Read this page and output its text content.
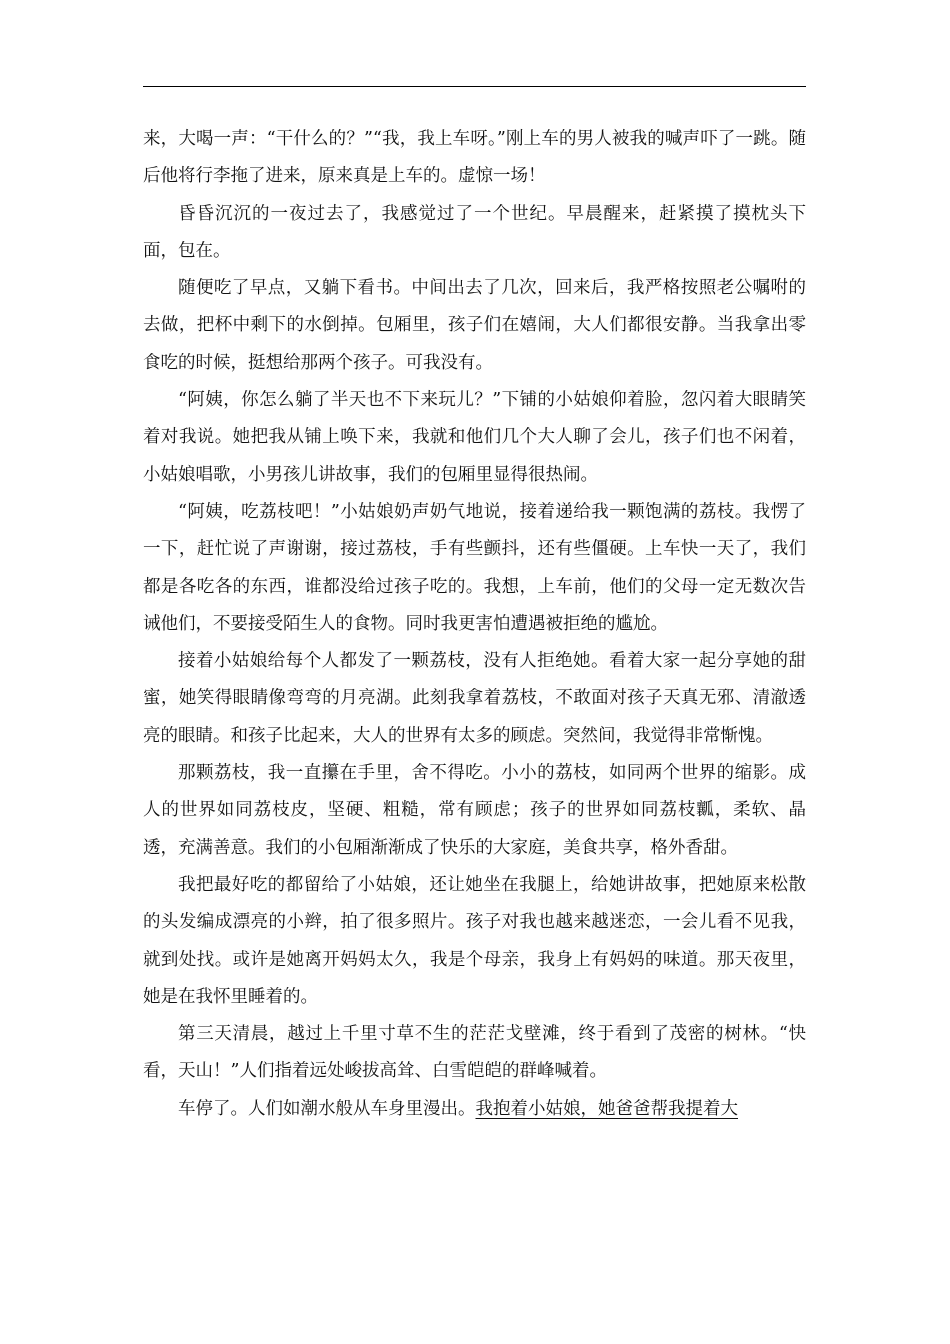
来，大喝一声：“干什么的？”“我，我上车呀。”刚上车的男人被我的喊声吓了一跳。随后他将行李拖了进来，原来真是上车的。虚惊一场！

昏昏沉沉的一夜过去了，我感觉过了一个世纪。早晨醒来，赶紧摸了摸枕头下面，包在。

随便吃了早点，又躺下看书。中间出去了几次，回来后，我严格按照老公嘱咐的去做，把杯中剩下的水倒掉。包厢里，孩子们在嬉闹，大人们都很安静。当我拿出零食吃的时候，挺想给那两个孩子。可我没有。

“阿姨，你怎么躺了半天也不下来玩儿？”下铺的小姑娘仰着脸，忽闪着大眼睛笑着对我说。她把我从铺上唤下来，我就和他们几个大人聊了会儿，孩子们也不闲着，小姑娘唱歌，小男孩儿讲故事，我们的包厢里显得很热闹。

“阿姨，吃荔枝吧！”小姑娘奶声奶气地说，接着递给我一颗饱满的荔枝。我愣了一下，赶忙说了声谢谢，接过荔枝，手有些颤抖，还有些僵硬。上车快一天了，我们都是各吃各的东西，谁都没给过孩子吃的。我想，上车前，他们的父母一定无数次告诫他们，不要接受陌生人的食物。同时我更害怕遭遇被拒绝的尴尬。

接着小姑娘给每个人都发了一颗荔枝，没有人拒绝她。看着大家一起分享她的甜蜜，她笑得眼睛像弯弯的月亮湖。此刻我拿着荔枝，不敢面对孩子天真无邪、清澈透亮的眼睛。和孩子比起来，大人的世界有太多的顾虑。突然间，我觉得非常惭愧。

那颗荔枝，我一直攥在手里，舍不得吃。小小的荔枝，如同两个世界的缩影。成人的世界如同荔枝皮，坚硬、粗糙，常有顾虑；孩子的世界如同荔枝瓤，柔软、晶透，充满善意。我们的小包厢渐渐成了快乐的大家庭，美食共享，格外香甜。

我把最好吃的都留给了小姑娘，还让她坐在我腿上，给她讲故事，把她原来松散的头发编成漂亮的小辫，拍了很多照片。孩子对我也越来越迷恋，一会儿看不见我，就到处找。或许是她离开妈妈太久，我是个母亲，我身上有妈妈的味道。那天夜里，她是在我怀里睡着的。

第三天清晨，越过上千里寸草不生的茫茫戈壁滩，终于看到了茂密的树林。“快看，天山！”人们指着远处峻拔高耸、白雪皑皑的群峰喊着。

车停了。人们如潮水般从车身里漫出。我抱着小姑娘，她爸爸帮我提着大
